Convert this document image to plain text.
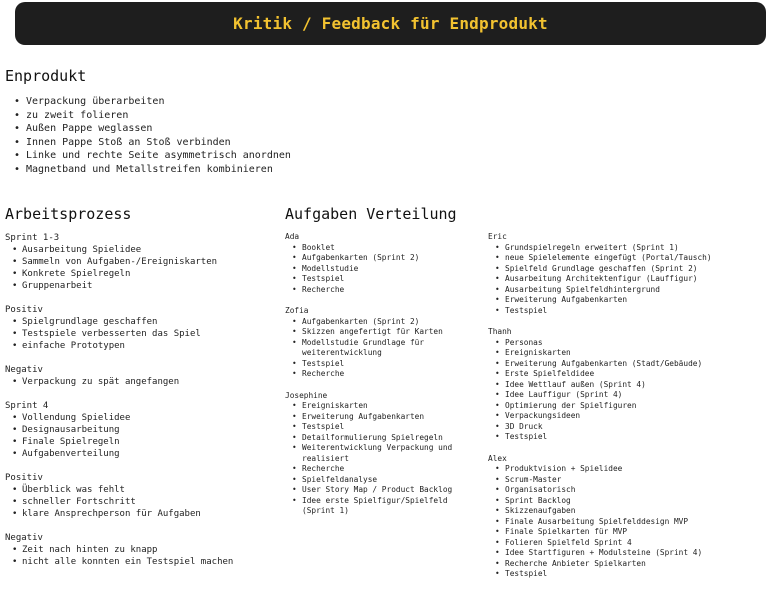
Kritik / Feedback für Endprodukt
Enprodukt
• Verpackung überarbeiten
• zu zweit folieren
• Außen Pappe weglassen
• Innen Pappe Stoß an Stoß verbinden
• Linke und rechte Seite asymmetrisch anordnen
• Magnetband und Metallstreifen kombinieren
Arbeitsprozess
Sprint 1-3
• Ausarbeitung Spielidee
• Sammeln von Aufgaben-/Ereigniskarten
• Konkrete Spielregeln
• Gruppenarbeit
Positiv
• Spielgrundlage geschaffen
• Testspiele verbesserten das Spiel
• einfache Prototypen
Negativ
• Verpackung zu spät angefangen
Sprint 4
• Vollendung Spielidee
• Designausarbeitung
• Finale Spielregeln
• Aufgabenverteilung
Positiv
• Überblick was fehlt
• schneller Fortschritt
• klare Ansprechperson für Aufgaben
Negativ
• Zeit nach hinten zu knapp
• nicht alle konnten ein Testspiel machen
Aufgaben Verteilung
Ada
• Booklet
• Aufgabenkarten (Sprint 2)
• Modellstudie
• Testspiel
• Recherche
Zofia
• Aufgabenkarten (Sprint 2)
• Skizzen angefertigt für Karten
• Modellstudie Grundlage für weiterentwicklung
• Testspiel
• Recherche
Josephine
• Ereigniskarten
• Erweiterung Aufgabenkarten
• Testspiel
• Detailformulierung Spielregeln
• Weiterentwicklung Verpackung und realisiert
• Recherche
• Spielfeldanalyse
• User Story Map / Product Backlog
• Idee erste Spielfigur/Spielfeld (Sprint 1)
Eric
• Grundspielregeln erweitert (Sprint 1)
• neue Spielelemente eingefügt (Portal/Tausch)
• Spielfeld Grundlage geschaffen (Sprint 2)
• Ausarbeitung Architektenfigur (Lauffigur)
• Ausarbeitung Spielfeldhintergrund
• Erweiterung Aufgabenkarten
• Testspiel
Thanh
• Personas
• Ereigniskarten
• Erweiterung Aufgabenkarten (Stadt/Gebäude)
• Erste Spielfeldidee
• Idee Wettlauf außen (Sprint 4)
• Idee Lauffigur (Sprint 4)
• Optimierung der Spielfiguren
• Verpackungsideen
• 3D Druck
• Testspiel
Alex
• Produktvision + Spielidee
• Scrum-Master
• Organisatorisch
• Sprint Backlog
• Skizzenaufgaben
• Finale Ausarbeitung Spielfelddesign MVP
• Finale Spielkarten für MVP
• Folieren Spielfeld Sprint 4
• Idee Startfiguren + Modulsteine (Sprint 4)
• Recherche Anbieter Spielkarten
• Testspiel
